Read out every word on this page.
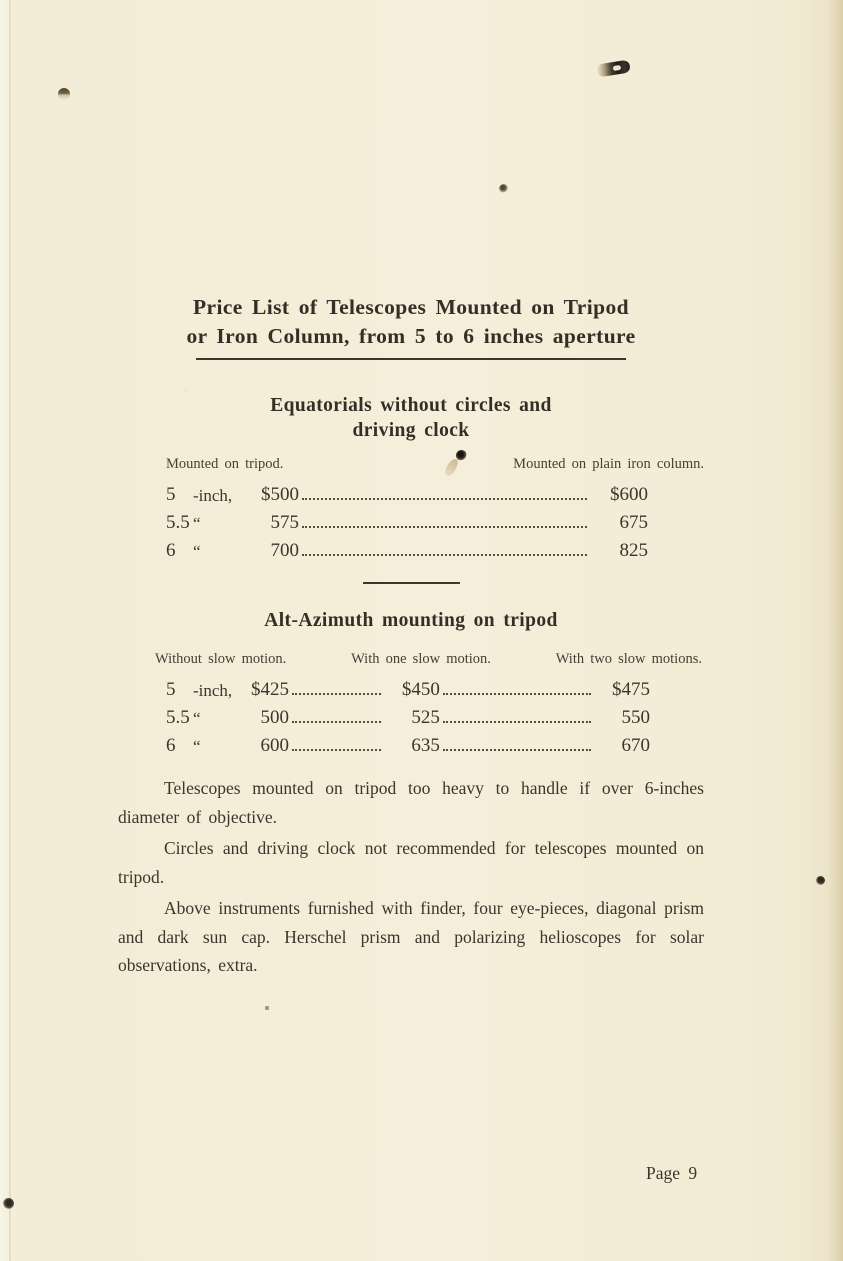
Price List of Telescopes Mounted on Tripod
or Iron Column, from 5 to 6 inches aperture
Equatorials without circles and
driving clock
Mounted on tripod.	Mounted on plain iron column.
5	-inch,	$500	$600
5.5 “	575	675
6	“	700	825
Alt-Azimuth mounting on tripod
Without slow motion.	With one slow motion.	With two slow motions.
5	-inch, $425	$450	$475
5.5 “	500	525	550
6	“	600	635	670

Telescopes mounted on tripod too heavy to handle if over 6-inches diameter of objective.

Circles and driving clock not recommended for telescopes mounted on tripod.

Above instruments furnished with finder, four eye-pieces, diagonal prism and dark sun cap. Herschel prism and polarizing helioscopes for solar observations, extra.

Page 9
